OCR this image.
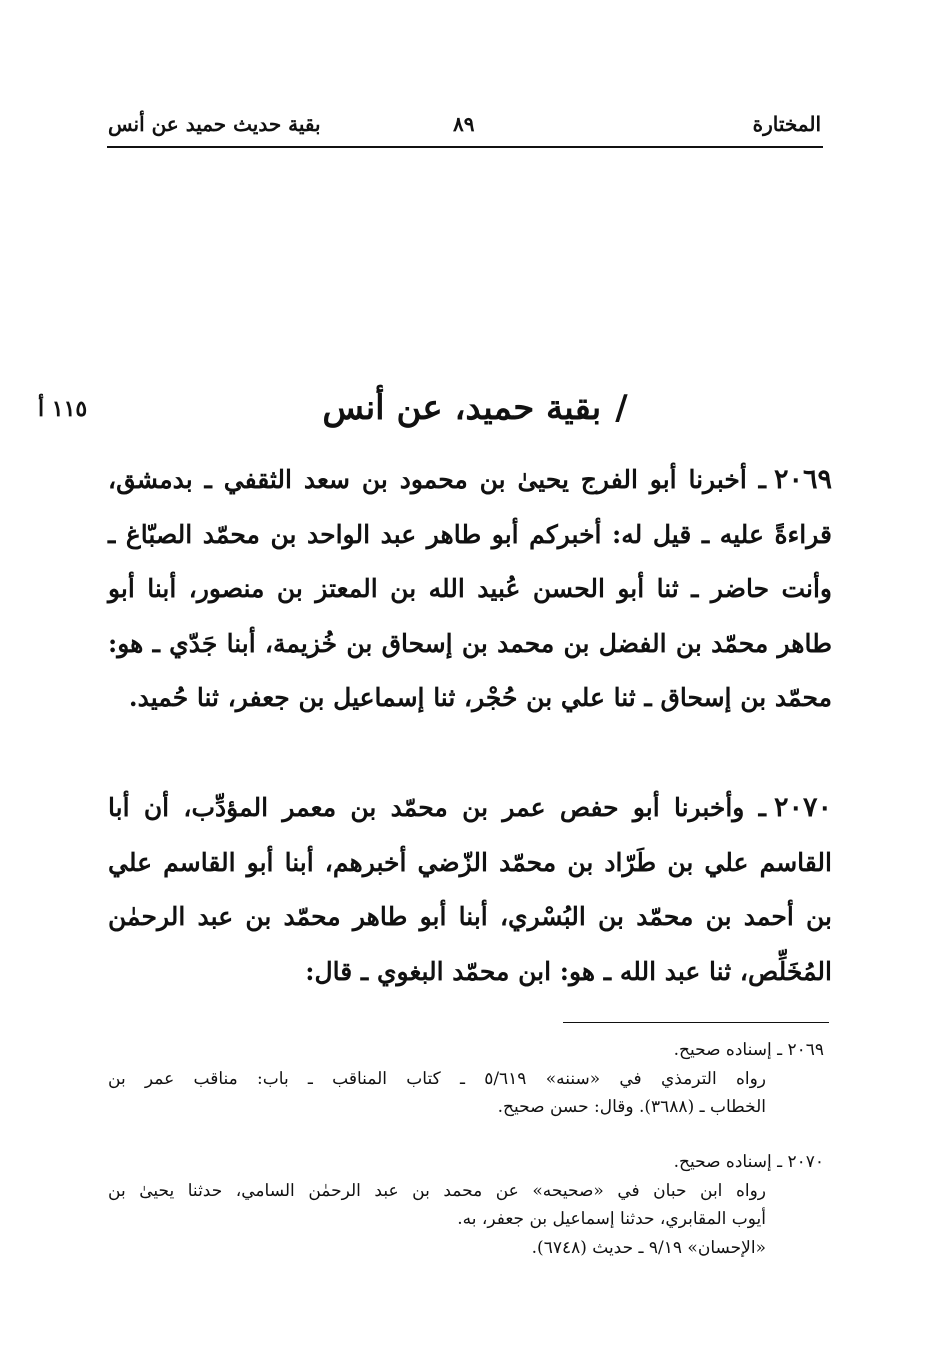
المختارة
٨٩
بقية حديث حميد عن أنس
١١٥ أ	/بقية حميد، عن أنس
٢٠٦٩ـ أخبرنا أبو الفرج يحيىٰ بن محمود بن سعد الثقفي ـ بدمشق، قراءةً عليه ـ قيل له: أخبركم أبو طاهر عبد الواحد بن محمّد الصبّاغ ـ وأنت حاضر ـ ثنا أبو الحسن عُبيد الله بن المعتز بن منصور، أبنا أبو طاهر محمّد بن الفضل بن محمد بن إسحاق بن خُزيمة، أبنا جَدّي ـ هو: محمّد بن إسحاق ـ ثنا علي بن حُجْر، ثنا إسماعيل بن جعفر، ثنا حُميد.
٢٠٧٠ـ وأخبرنا أبو حفص عمر بن محمّد بن معمر المؤدِّب، أن أبا القاسم علي بن طَرّاد بن محمّد الزّضي أخبرهم، أبنا أبو القاسم علي بن أحمد بن محمّد بن البُسْري، أبنا أبو طاهر محمّد بن عبد الرحمٰن المُخَلِّص، ثنا عبد الله ـ هو: ابن محمّد البغوي ـ قال:
٢٠٦٩ ـ إسناده صحيح.
رواه الترمذي في «سننه» ٥/٦١٩ ـ كتاب المناقب ـ باب: مناقب عمر بن
الخطاب ـ (٣٦٨٨). وقال: حسن صحيح.
٢٠٧٠ ـ إسناده صحيح.
رواه ابن حبان في «صحيحه» عن محمد بن عبد الرحمٰن السامي، حدثنا يحيىٰ بن
أيوب المقابري، حدثنا إسماعيل بن جعفر، به.
«الإحسان» ٩/١٩ ـ حديث (٦٧٤٨).
